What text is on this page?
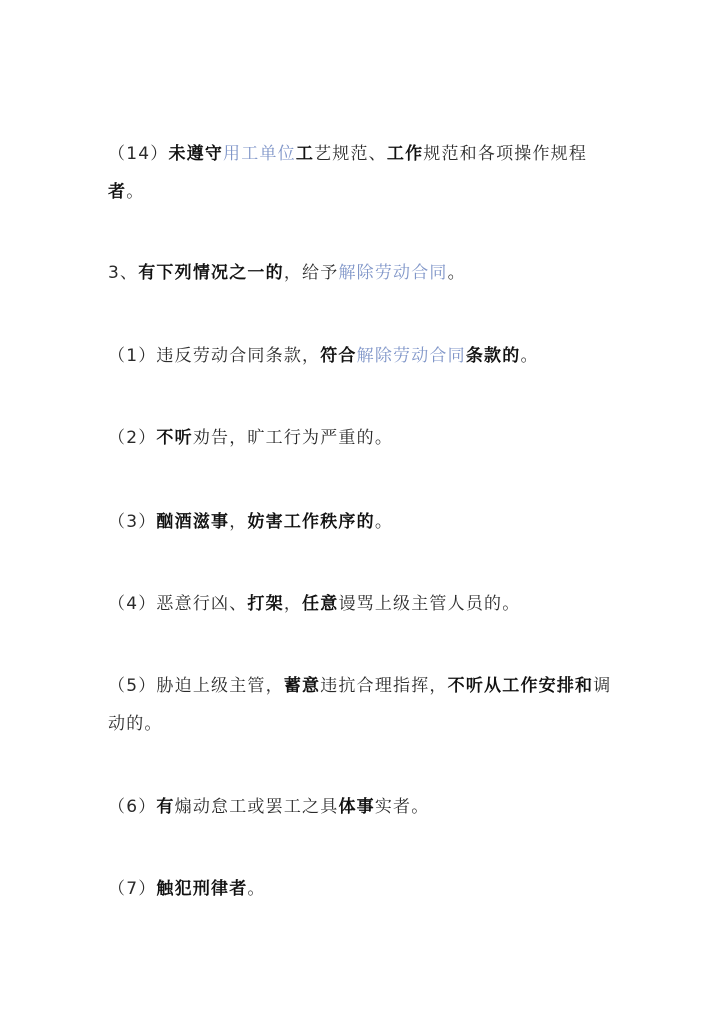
（14）未遵守用工单位工艺规范、工作规范和各项操作规程者。

3、有下列情况之一的，给予解除劳动合同。

（1）违反劳动合同条款，符合解除劳动合同条款的。

（2）不听劝告，旷工行为严重的。

（3）酗酒滋事，妨害工作秩序的。

（4）恶意行凶、打架，任意谩骂上级主管人员的。

（5）胁迫上级主管，蓄意违抗合理指挥，不听从工作安排和调动的。

（6）有煽动怠工或罢工之具体事实者。

（7）触犯刑律者。
